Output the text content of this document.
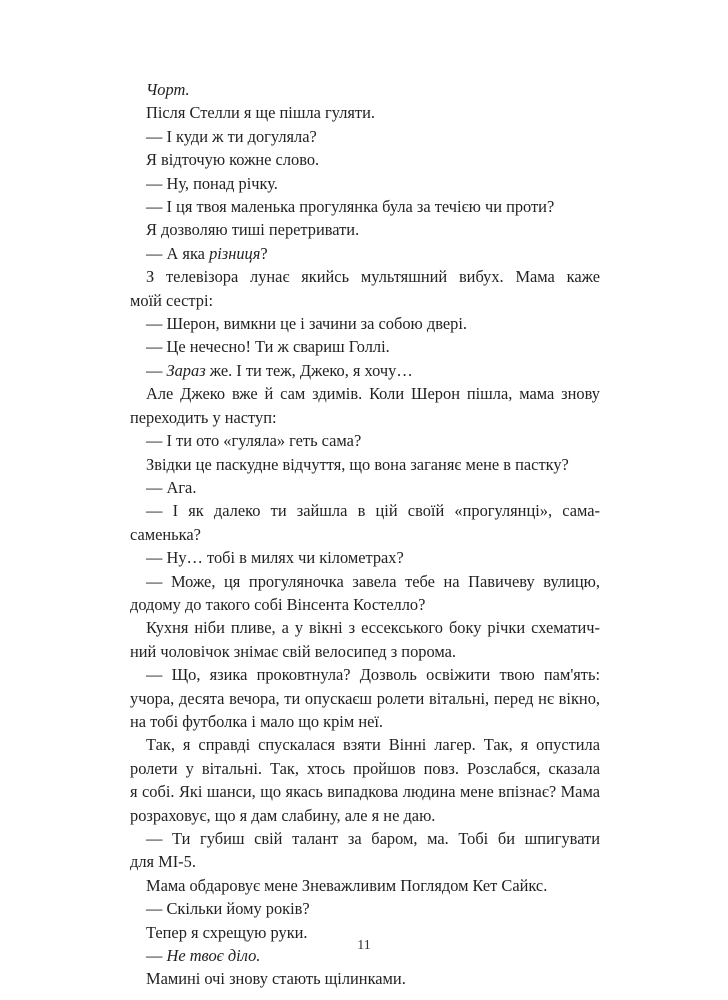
Чорт.
Після Стелли я ще пішла гуляти.
— І куди ж ти догуляла?
Я відточую кожне слово.
— Ну, понад річку.
— І ця твоя маленька прогулянка була за течією чи проти?
Я дозволяю тиші перетривати.
— А яка різниця?
З телевізора лунає якийсь мультяшний вибух. Мама каже
моїй сестрі:
— Шерон, вимкни це і зачини за собою двері.
— Це нечесно! Ти ж свариш Голлі.
— Зараз же. І ти теж, Джеко, я хочу…
Але Джеко вже й сам здимів. Коли Шерон пішла, мама знову
переходить у наступ:
— І ти ото «гуляла» геть сама?
Звідки це паскудне відчуття, що вона заганяє мене в пастку?
— Ага.
— І як далеко ти зайшла в цій своїй «прогулянці», сама-саменька?
— Ну… тобі в милях чи кілометрах?
— Може, ця прогуляночка завела тебе на Павичеву вулицю,
додому до такого собі Вінсента Костелло?
Кухня ніби пливе, а у вікні з ессекського боку річки схематич-
ний чоловічок знімає свій велосипед з порома.
— Що, язика проковтнула? Дозволь освіжити твою пам'ять:
учора, десята вечора, ти опускаєш ролети вітальні, перед нє вікно,
на тобі футболка і мало що крім неї.
Так, я справді спускалася взяти Вінні лагер. Так, я опустила
ролети у вітальні. Так, хтось пройшов повз. Розслабся, сказала
я собі. Які шанси, що якась випадкова людина мене впізнає? Мама
розраховує, що я дам слабину, але я не даю.
— Ти губиш свій талант за баром, ма. Тобі би шпигувати
для МІ-5.
Мама обдаровує мене Зневажливим Поглядом Кет Сайкс.
— Скільки йому років?
Тепер я схрещую руки.
— Не твоє діло.
Мамині очі знову стають щілинками.
11
